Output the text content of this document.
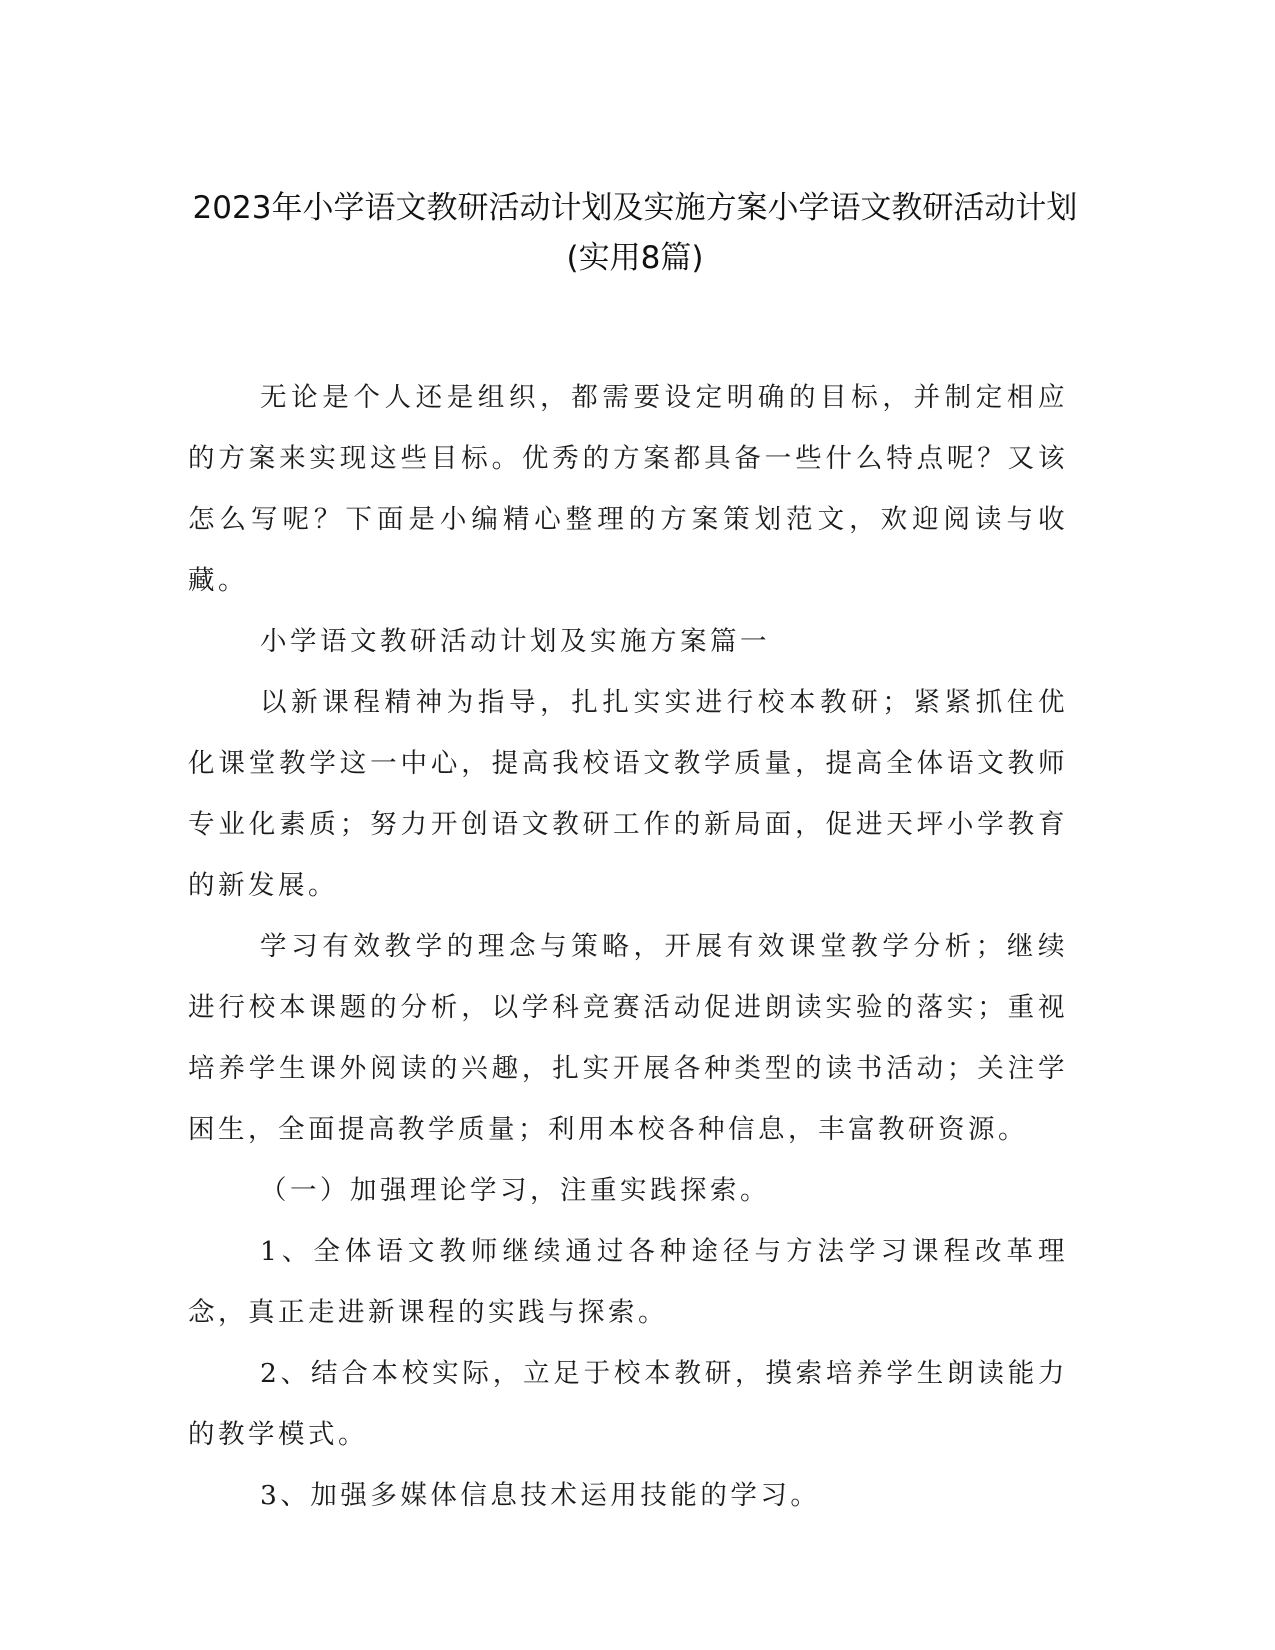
2023年小学语文教研活动计划及实施方案小学语文教研活动计划(实用8篇)

无论是个人还是组织，都需要设定明确的目标，并制定相应的方案来实现这些目标。优秀的方案都具备一些什么特点呢？又该怎么写呢？下面是小编精心整理的方案策划范文，欢迎阅读与收藏。

小学语文教研活动计划及实施方案篇一

以新课程精神为指导，扎扎实实进行校本教研；紧紧抓住优化课堂教学这一中心，提高我校语文教学质量，提高全体语文教师专业化素质；努力开创语文教研工作的新局面，促进天坪小学教育的新发展。

学习有效教学的理念与策略，开展有效课堂教学分析；继续进行校本课题的分析，以学科竞赛活动促进朗读实验的落实；重视培养学生课外阅读的兴趣，扎实开展各种类型的读书活动；关注学困生，全面提高教学质量；利用本校各种信息，丰富教研资源。

（一）加强理论学习，注重实践探索。

1、全体语文教师继续通过各种途径与方法学习课程改革理念，真正走进新课程的实践与探索。

2、结合本校实际，立足于校本教研，摸索培养学生朗读能力的教学模式。

3、加强多媒体信息技术运用技能的学习。
